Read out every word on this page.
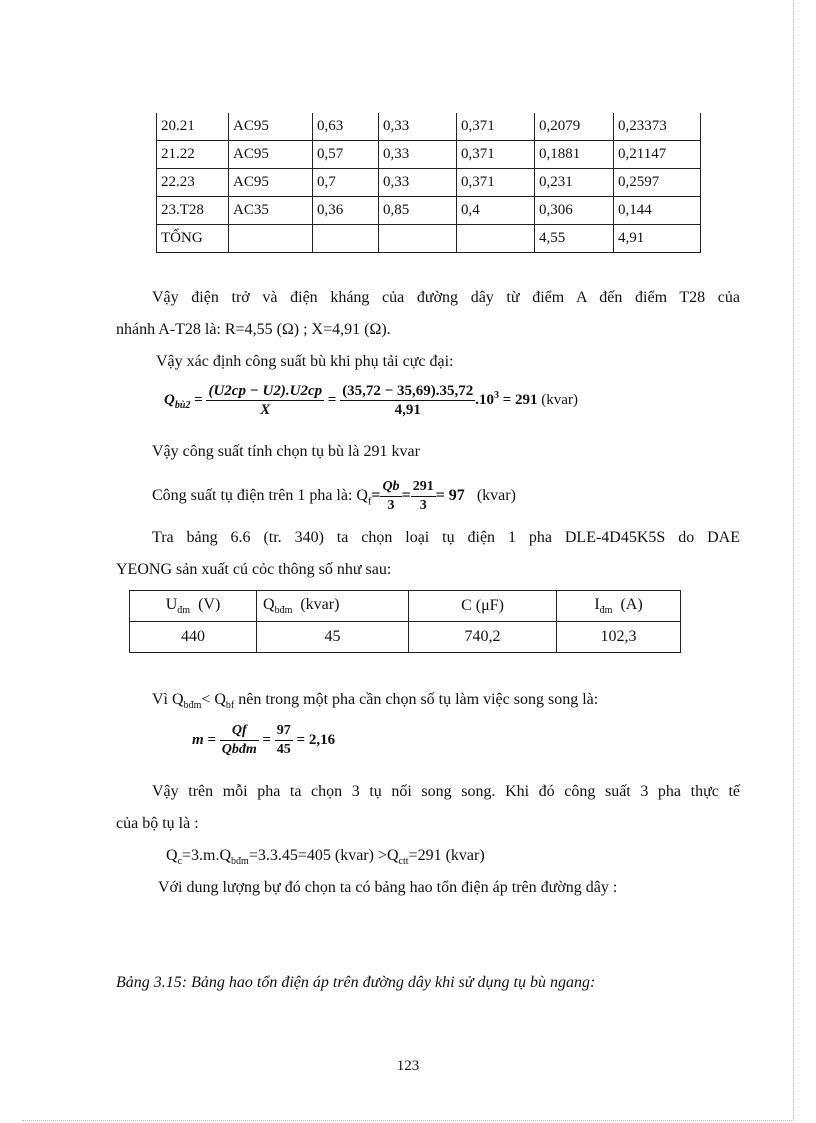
20.21	AC95	0,63	0,33	0,371	0,2079	0,23373
21.22	AC95	0,57	0,33	0,371	0,1881	0,21147
22.23	AC95	0,7	0,33	0,371	0,231	0,2597
23.T28	AC35	0,36	0,85	0,4	0,306	0,144
TỔNG					4,55	4,91
Vậy điện trở và điện kháng của đường dây từ điểm A đến điểm T28 của
nhánh A-T28 là: R=4,55 (Ω) ; X=4,91 (Ω).
Vậy xác định công suất bù khi phụ tải cực đại:
$Q_{bù2} = \frac{(U2cp - U2).U2cp}{X} = \frac{(35,72 - 35,69).35,72}{4,91} .10^3 = 291$ (kvar)
Vậy công suất tính chọn tụ bù là 291 kvar
Công suất tụ điện trên 1 pha là: $Q_f= \frac{Qb}{3} = \frac{291}{3} = 97$ (kvar)
Tra bảng 6.6 (tr. 340) ta chọn loại tụ điện 1 pha DLE-4D45K5S do DAE
YEONG sản xuất cú cỏc thông số như sau:
$U_{đm}$ (V)	$Q_{bđm}$ (kvar)	C (μF)	$I_{đm}$ (A)
440	45	740,2	102,3
Vì $Q_{bđm}< Q_{bf}$ nên trong một pha cần chọn số tụ làm việc song song là:
$m = \frac{Qf}{\text{Qbđm}} = \frac{97}{45} = 2,16$
Vậy trên mỗi pha ta chọn 3 tụ nối song song. Khi đó công suất 3 pha thực tế
của bộ tụ là :
$Q_c=3.m.Q_{bđm}=3.3.45=405$ (kvar) $>Q_{ctt}=291$ (kvar)
Với dung lượng bự đó chọn ta có bảng hao tổn điện áp trên đường dây :
Bảng 3.15: Bảng hao tổn điện áp trên đường dây khi sử dụng tụ bù ngang:
123
